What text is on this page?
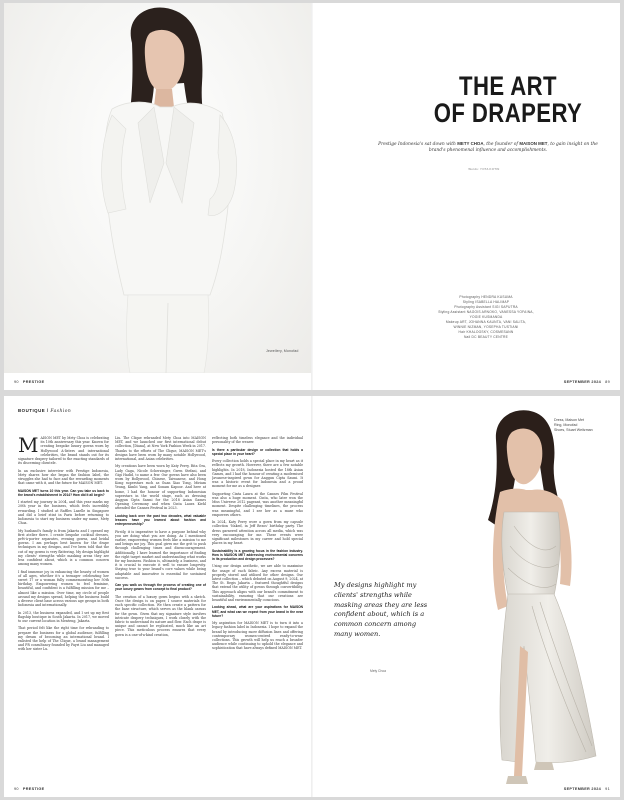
Jewellery, Monofad
90 PRESTIGE
THE ART
OF DRAPERY

Prestige Indonesia's sat down with METY CHOA, the founder of MAISON MET, to gain insight on the brand's phenomenal influence and accomplishments.

Words: YOTA KOTIN
Photography HENDRA KUSUMA
Styling ISABELLA HALIMAP
Photography Assistant SIGI SAPUTRA
Styling Assistant NAGOIS ARNOKO, VANESSA YOFAINA,
YOGIE KUSMANDA
Makeup ART, JOHANNA KAUNTA, VANI SALITA,
WINNIE NIZMAN, YOSEPHA TUSTIANI
Hair KHALOGSKY, COSMESANN
Nail DC BEAUTY CENTRE
SEPTEMBER 2024 89
BOUTIQUE / Fashion

MAISON MET by Mety Choa is celebrating its 10th anniversary this year. Known for creating bespoke luxury gowns worn by Hollywood A-listers and international celebrities, the brand stands out for its signature drapery tailored to the exacting standards of its discerning clientele.

In an exclusive interview with Prestige Indonesia, Mety shares how she began the fashion label, the struggles she had to face and the rewarding moments that came with it, and the future for MAISON MET.

MAISON MET turns 10 this year. Can you take us back to the brand's establishment in 2014? How did it all begin?

I started my journey in 2004, and this year marks my 20th year in the business, which feels incredibly rewarding. I studied at Raffles Laselle in Singapore and did a brief stint in Paris before returning to Indonesia to start my business under my name, Mety Choa.

My husband's family is from Jakarta and I opened my first atelier there. I create bespoke cocktail dresses, prêt-à-porter separates, evening gowns, and bridal gowns. I am perhaps best known for the drape techniques in my designs, and I've been told that the cut of my gowns is very flattering. My design highlight my clients' strengths while masking areas they are less confident about, which is a common concern among many women.

I find immense joy in enhancing the beauty of women of all ages, whether it's a teenager celebrating her sweet 17 or a woman fully commemorating her 50th birthday. Empowering women to feel feminine, beautiful, and confident is a fulfilling mission for me – almost like a mission. Over time, my circle of people around my designs spread, helping the business build a diverse client base across various age groups in both Indonesia and internationally.

In 2013, the business expanded, and I set up my first flagship boutique in South Jakarta. In 2017, we moved to our current location in Menteng, Jakarta.

That period felt like the right time for rebranding to prepare the business for a global audience, fulfilling my dream of becoming an international brand. I enlisted the help of The Clique, a brand management and PR consultancy founded by Fayri Liu and managed with her sister Lu.

Liu. The Clique rebranded Mety Choa into MAISON MET, and we launched our first international debut collection, [Diana], at New York Fashion Week in 2017. Thanks to the efforts of The Clique, MAISON MET's designs have been worn by many notable Hollywood, international, and Asian celebrities.

My creations have been worn by Katy Perry, Rita Ora, Lady Gaga, Nicole Scherzinger, Gwen Stefani, and Gigi Hadid, to name a few. Our gowns have also been worn by Bollywood, Chinese, Taiwanese, and Hong Kong superstars such as Guan Xiao Tong, Miriam Yeung, Kimbi Yang, and Sonam Kapoor. And here at home, I had the honour of supporting Indonesian superstars in the world stage, such as dressing Anggun Cipta Sasmi for the 2018 Asian Games Opening Ceremony and when Cinta Laura Kiehl attended the Cannes Festival in 2023.

Looking back over the past two decades, what valuable lessons have you learned about fashion and entrepreneurship?

Firstly, it is imperative to have a purpose behind why you are doing what you are doing. As I mentioned earlier, empowering women feels like a mission to me and brings me joy. This goal gives me the grit to push through challenging times and disencouragement. Additionally, I have learned the importance of finding the right target market and understanding what works for my business. Fashion is, ultimately, a business, and it is crucial to execute it well to ensure longevity. Staying true to your brand's core values while being adaptable and innovative is essential for sustained success.

Can you walk us through the process of creating one of your luxury gowns from concept to final product?

The creation of a luxury gown begins with a sketch. Once the design is on paper, I source materials for each specific collection. We then create a pattern for the base structure, which serves as the blank canvas for the gown. Given that my signature style involves intricate drapery techniques, I work closely with the fabric to understand its nature and flow. Each drape is unique and cannot be replicated, much like an art piece. This meticulous process ensures that every gown is a one-of-a-kind creation,

reflecting both timeless elegance and the individual personality of the wearer.

Is there a particular design or collection that holds a special place in your heart?

Every collection holds a special place in my heart as it reflects my growth. However, there are a few notable highlights. In 2018, Indonesia hosted the 18th Asian Games, and I had the honour of creating a modernised Javanese-inspired gown for Anggun Cipta Sasmi. It was a historic event for Indonesia and a proud moment for me as a designer.

Supporting Cinta Laura at the Cannes Film Festival was also a huge moment. Cinta, who later won the Miss Universe 2012 pageant, was another meaningful moment. Despite challenging timelines, the process was meaningful, and I see her as a muse who empowers others.

In 2024, Katy Perry wore a gown from my capsule collection 'Naked, in Jeff Bezos' birthday party. The dress garnered attention across all media, which was very encouraging for me. These events were significant milestones in my career and hold special places in my heart.

Sustainability is a growing focus in the fashion industry. How is MAISON MET addressing environmental concerns in its production and design processes?

Using our design aesthetic, we are able to maximise the usage of each fabric. Any excess material is properly stored and utilised for other designs. Our latest collection – which debuted on August 9, 2024, at The St. Regis Jakarta – featured thoughtful designs that extend the utility of gowns through convertibility. This approach aligns with our brand's commitment to sustainability, ensuring that our creations are beautiful and environmentally conscious.

Looking ahead, what are your aspirations for MAISON MET, and what can we expect from your brand in the near future?

My aspiration for MAISON MET is to turn it into a legacy fashion label in Indonesia. I hope to expand the brand by introducing more diffusion lines and offering contemporary women-centred ready-to-wear collections. This growth will help us reach a broader audience while continuing to uphold the elegance and sophistication that have always defined MAISON MET.

90 PRESTIGE
Dress, Maison Met
Ring, Monofad
Shoes, Stuart Weitzman
My designs highlight my clients' strengths while masking areas they are less confident about, which is a common concern among many women.
Mety Choa
SEPTEMBER 2024 91
